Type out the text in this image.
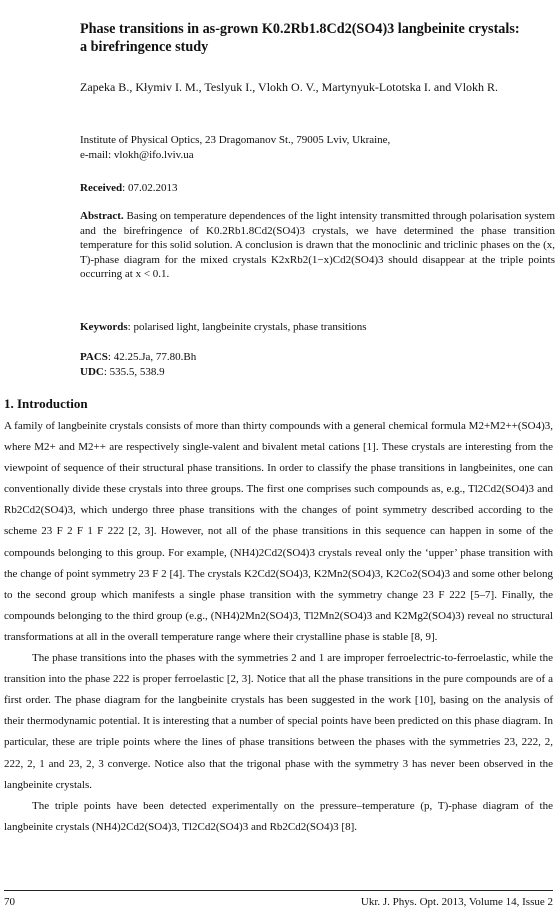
Phase transitions in as-grown K0.2Rb1.8Cd2(SO4)3 langbeinite crystals: a birefringence study
Zapeka B., Kłymiv I. M., Teslyuk I., Vlokh O. V., Martynyuk-Lototska I. and Vlokh R.
Institute of Physical Optics, 23 Dragomanov St., 79005 Lviv, Ukraine,
e-mail: vlokh@ifo.lviv.ua
Received: 07.02.2013
Abstract. Basing on temperature dependences of the light intensity transmitted through polarisation system and the birefringence of K0.2Rb1.8Cd2(SO4)3 crystals, we have determined the phase transition temperature for this solid solution. A conclusion is drawn that the monoclinic and triclinic phases on the (x, T)-phase diagram for the mixed crystals K2xRb2(1−x)Cd2(SO4)3 should disappear at the triple points occurring at x < 0.1.
Keywords: polarised light, langbeinite crystals, phase transitions
PACS: 42.25.Ja, 77.80.Bh
UDC: 535.5, 538.9
1. Introduction

A family of langbeinite crystals consists of more than thirty compounds with a general chemical formula M2+M2++(SO4)3, where M2+ and M2++ are respectively single-valent and bivalent metal cations [1]. These crystals are interesting from the viewpoint of sequence of their structural phase transitions. In order to classify the phase transitions in langbeinites, one can conventionally divide these crystals into three groups. The first one comprises such compounds as, e.g., Tl2Cd2(SO4)3 and Rb2Cd2(SO4)3, which undergo three phase transitions with the changes of point symmetry described according to the scheme 23 F 2 F 1 F 222 [2, 3]. However, not all of the phase transitions in this sequence can happen in some of the compounds belonging to this group. For example, (NH4)2Cd2(SO4)3 crystals reveal only the ‘upper’ phase transition with the change of point symmetry 23 F 2 [4]. The crystals K2Cd2(SO4)3, K2Mn2(SO4)3, K2Co2(SO4)3 and some other belong to the second group which manifests a single phase transition with the symmetry change 23 F 222 [5–7]. Finally, the compounds belonging to the third group (e.g., (NH4)2Mn2(SO4)3, Tl2Mn2(SO4)3 and K2Mg2(SO4)3) reveal no structural transformations at all in the overall temperature range where their crystalline phase is stable [8, 9].

The phase transitions into the phases with the symmetries 2 and 1 are improper ferroelectric-to-ferroelastic, while the transition into the phase 222 is proper ferroelastic [2, 3]. Notice that all the phase transitions in the pure compounds are of a first order. The phase diagram for the langbeinite crystals has been suggested in the work [10], basing on the analysis of their thermodynamic potential. It is interesting that a number of special points have been predicted on this phase diagram. In particular, these are triple points where the lines of phase transitions between the phases with the symmetries 23, 222, 2, 222, 2, 1 and 23, 2, 3 converge. Notice also that the trigonal phase with the symmetry 3 has never been observed in the langbeinite crystals.

The triple points have been detected experimentally on the pressure–temperature (p, T)-phase diagram of the langbeinite crystals (NH4)2Cd2(SO4)3, Tl2Cd2(SO4)3 and Rb2Cd2(SO4)3 [8].

70	Ukr. J. Phys. Opt. 2013, Volume 14, Issue 2
